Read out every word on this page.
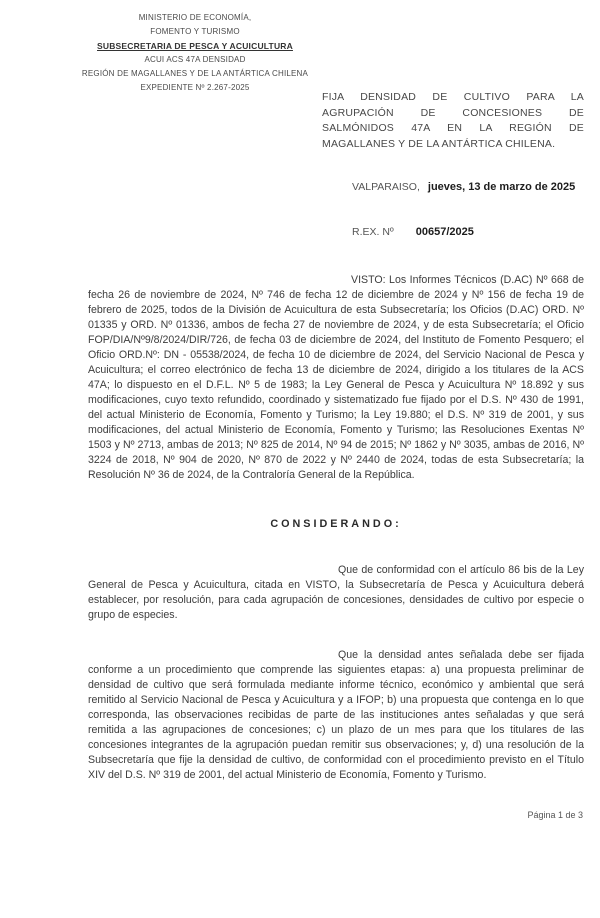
MINISTERIO DE ECONOMÍA,
FOMENTO Y TURISMO
SUBSECRETARIA DE PESCA Y ACUICULTURA
ACUI ACS 47A DENSIDAD
REGIÓN DE MAGALLANES Y DE LA ANTÁRTICA CHILENA
EXPEDIENTE Nº 2.267-2025
FIJA DENSIDAD DE CULTIVO PARA LA AGRUPACIÓN DE CONCESIONES DE SALMÓNIDOS 47A EN LA REGIÓN DE MAGALLANES Y DE LA ANTÁRTICA CHILENA.
VALPARAISO, jueves, 13 de marzo de 2025
R.EX. Nº 00657/2025
VISTO: Los Informes Técnicos (D.AC) Nº 668 de fecha 26 de noviembre de 2024, Nº 746 de fecha 12 de diciembre de 2024 y Nº 156 de fecha 19 de febrero de 2025, todos de la División de Acuicultura de esta Subsecretaría; los Oficios (D.AC) ORD. Nº 01335 y ORD. Nº 01336, ambos de fecha 27 de noviembre de 2024, y de esta Subsecretaría; el Oficio FOP/DIA/Nº9/8/2024/DIR/726, de fecha 03 de diciembre de 2024, del Instituto de Fomento Pesquero; el Oficio ORD.Nº: DN - 05538/2024, de fecha 10 de diciembre de 2024, del Servicio Nacional de Pesca y Acuicultura; el correo electrónico de fecha 13 de diciembre de 2024, dirigido a los titulares de la ACS 47A; lo dispuesto en el D.F.L. Nº 5 de 1983; la Ley General de Pesca y Acuicultura Nº 18.892 y sus modificaciones, cuyo texto refundido, coordinado y sistematizado fue fijado por el D.S. Nº 430 de 1991, del actual Ministerio de Economía, Fomento y Turismo; la Ley 19.880; el D.S. Nº 319 de 2001, y sus modificaciones, del actual Ministerio de Economía, Fomento y Turismo; las Resoluciones Exentas Nº 1503 y Nº 2713, ambas de 2013; Nº 825 de 2014, Nº 94 de 2015; Nº 1862 y Nº 3035, ambas de 2016, Nº 3224 de 2018, Nº 904 de 2020, Nº 870 de 2022 y Nº 2440 de 2024, todas de esta Subsecretaría; la Resolución Nº 36 de 2024, de la Contraloría General de la República.
CONSIDERANDO:
Que de conformidad con el artículo 86 bis de la Ley General de Pesca y Acuicultura, citada en VISTO, la Subsecretaría de Pesca y Acuicultura deberá establecer, por resolución, para cada agrupación de concesiones, densidades de cultivo por especie o grupo de especies.
Que la densidad antes señalada debe ser fijada conforme a un procedimiento que comprende las siguientes etapas: a) una propuesta preliminar de densidad de cultivo que será formulada mediante informe técnico, económico y ambiental que será remitido al Servicio Nacional de Pesca y Acuicultura y a IFOP; b) una propuesta que contenga en lo que corresponda, las observaciones recibidas de parte de las instituciones antes señaladas y que será remitida a las agrupaciones de concesiones; c) un plazo de un mes para que los titulares de las concesiones integrantes de la agrupación puedan remitir sus observaciones; y, d) una resolución de la Subsecretaría que fije la densidad de cultivo, de conformidad con el procedimiento previsto en el Título XIV del D.S. Nº 319 de 2001, del actual Ministerio de Economía, Fomento y Turismo.
Página 1 de 3
